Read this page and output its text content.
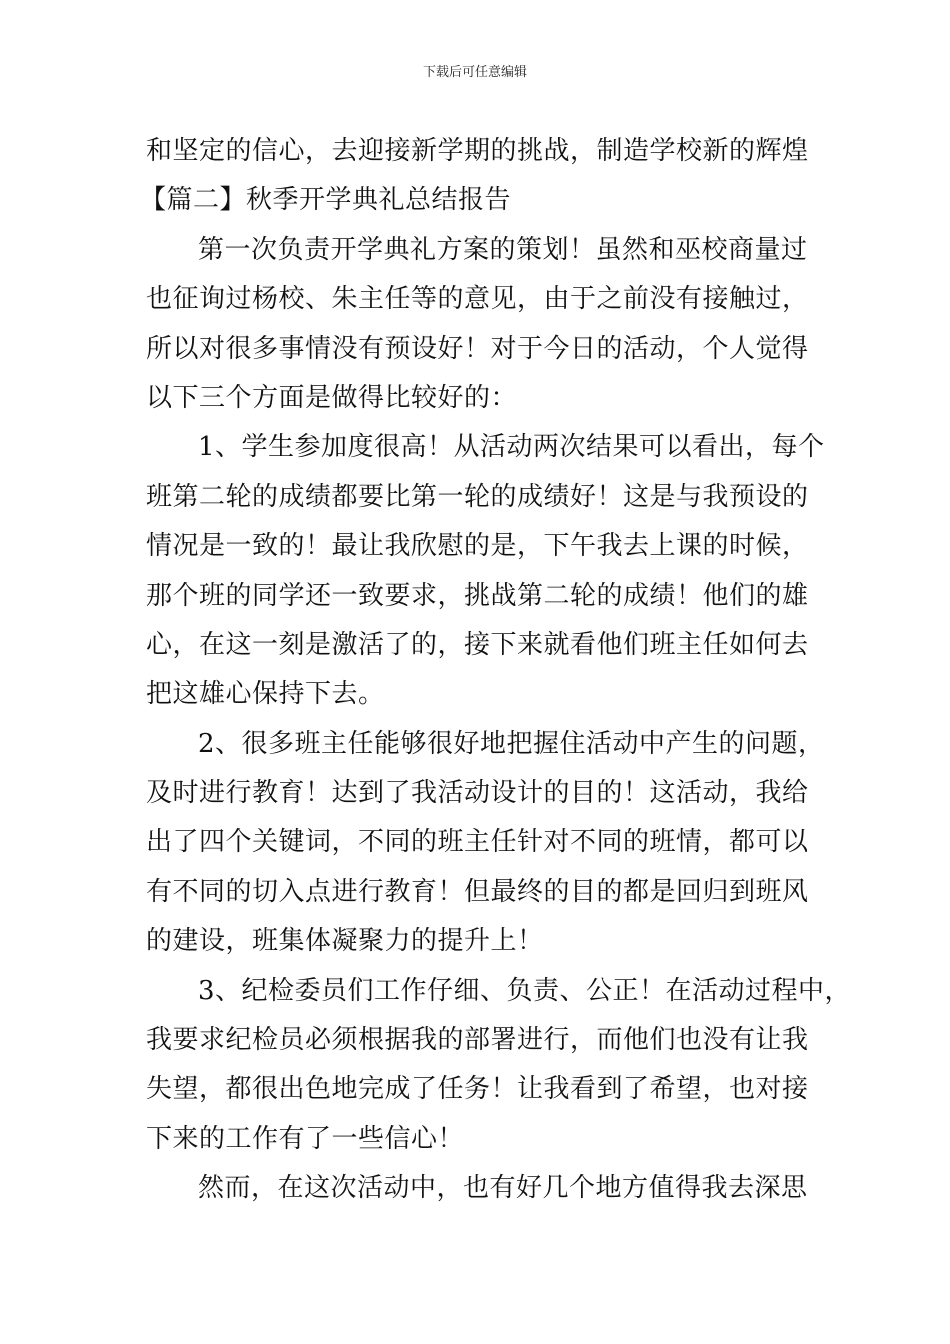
下载后可任意编辑
和坚定的信心，去迎接新学期的挑战，制造学校新的辉煌
【篇二】秋季开学典礼总结报告
第一次负责开学典礼方案的策划！虽然和巫校商量过
也征询过杨校、朱主任等的意见，由于之前没有接触过，
所以对很多事情没有预设好！对于今日的活动，个人觉得
以下三个方面是做得比较好的：
1、学生参加度很高！从活动两次结果可以看出，每个
班第二轮的成绩都要比第一轮的成绩好！这是与我预设的
情况是一致的！最让我欣慰的是，下午我去上课的时候，
那个班的同学还一致要求，挑战第二轮的成绩！他们的雄
心，在这一刻是激活了的，接下来就看他们班主任如何去
把这雄心保持下去。
2、很多班主任能够很好地把握住活动中产生的问题，
及时进行教育！达到了我活动设计的目的！这活动，我给
出了四个关键词，不同的班主任针对不同的班情，都可以
有不同的切入点进行教育！但最终的目的都是回归到班风
的建设，班集体凝聚力的提升上！
3、纪检委员们工作仔细、负责、公正！在活动过程中，
我要求纪检员必须根据我的部署进行，而他们也没有让我
失望，都很出色地完成了任务！让我看到了希望，也对接
下来的工作有了一些信心！
然而，在这次活动中，也有好几个地方值得我去深思
